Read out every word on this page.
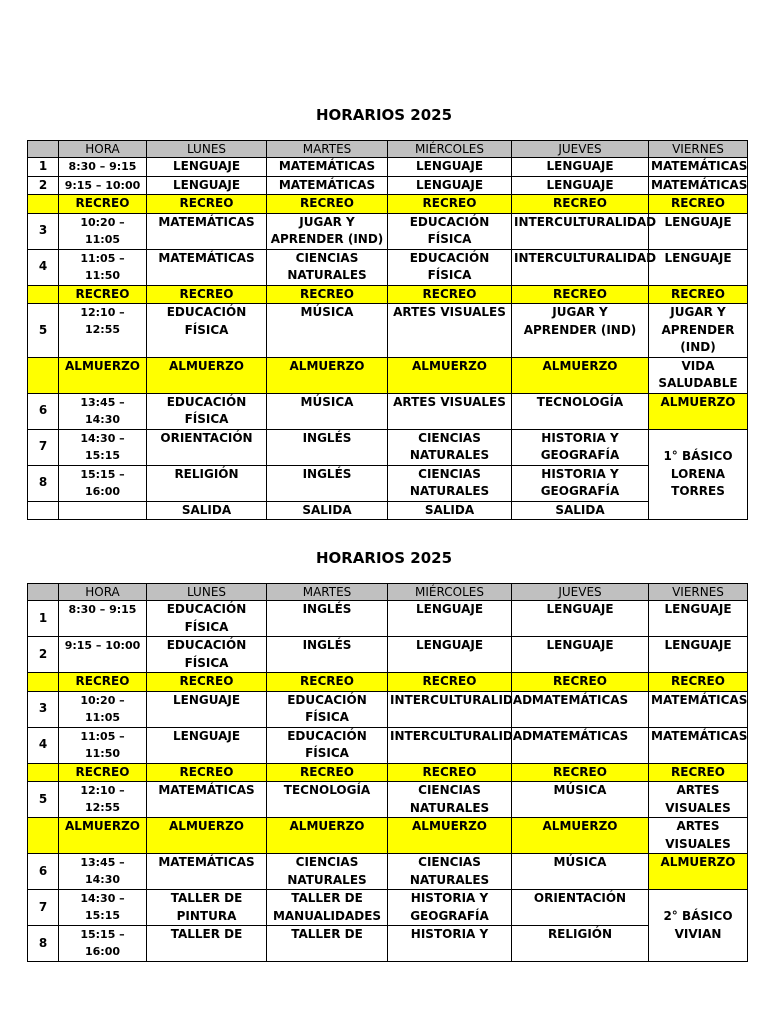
HORARIOS 2025
	HORA	LUNES	MARTES	MIÉRCOLES	JUEVES	VIERNES
1	8:30 – 9:15	LENGUAJE	MATEMÁTICAS	LENGUAJE	LENGUAJE	MATEMÁTICAS
2	9:15 – 10:00	LENGUAJE	MATEMÁTICAS	LENGUAJE	LENGUAJE	MATEMÁTICAS
	RECREO	RECREO	RECREO	RECREO	RECREO	RECREO
3	10:20 – 11:05	MATEMÁTICAS	JUGAR Y APRENDER (IND)	EDUCACIÓN FÍSICA	INTERCULTURALIDAD	LENGUAJE
4	11:05 – 11:50	MATEMÁTICAS	CIENCIAS NATURALES	EDUCACIÓN FÍSICA	INTERCULTURALIDAD	LENGUAJE
	RECREO	RECREO	RECREO	RECREO	RECREO	RECREO
5	12:10 – 12:55	EDUCACIÓN FÍSICA	MÚSICA	ARTES VISUALES	JUGAR Y APRENDER (IND)	JUGAR Y APRENDER (IND)
	ALMUERZO	ALMUERZO	ALMUERZO	ALMUERZO	ALMUERZO	VIDA SALUDABLE
6	13:45 – 14:30	EDUCACIÓN FÍSICA	MÚSICA	ARTES VISUALES	TECNOLOGÍA	ALMUERZO
7	14:30 – 15:15	ORIENTACIÓN	INGLÉS	CIENCIAS NATURALES	HISTORIA Y GEOGRAFÍA	1° BÁSICO LORENA TORRES
8	15:15 – 16:00	RELIGIÓN	INGLÉS	CIENCIAS NATURALES	HISTORIA Y GEOGRAFÍA	
		SALIDA	SALIDA	SALIDA	SALIDA	
HORARIOS 2025
	HORA	LUNES	MARTES	MIÉRCOLES	JUEVES	VIERNES
1	8:30 – 9:15	EDUCACIÓN FÍSICA	INGLÉS	LENGUAJE	LENGUAJE	LENGUAJE
2	9:15 – 10:00	EDUCACIÓN FÍSICA	INGLÉS	LENGUAJE	LENGUAJE	LENGUAJE
	RECREO	RECREO	RECREO	RECREO	RECREO	RECREO
3	10:20 – 11:05	LENGUAJE	EDUCACIÓN FÍSICA	INTERCULTURALIDAD	MATEMÁTICAS	MATEMÁTICAS
4	11:05 – 11:50	LENGUAJE	EDUCACIÓN FÍSICA	INTERCULTURALIDAD	MATEMÁTICAS	MATEMÁTICAS
	RECREO	RECREO	RECREO	RECREO	RECREO	RECREO
5	12:10 – 12:55	MATEMÁTICAS	TECNOLOGÍA	CIENCIAS NATURALES	MÚSICA	ARTES VISUALES
	ALMUERZO	ALMUERZO	ALMUERZO	ALMUERZO	ALMUERZO	ARTES VISUALES
6	13:45 – 14:30	MATEMÁTICAS	CIENCIAS NATURALES	CIENCIAS NATURALES	MÚSICA	ALMUERZO
7	14:30 – 15:15	TALLER DE PINTURA	TALLER DE MANUALIDADES	HISTORIA Y GEOGRAFÍA	ORIENTACIÓN	2° BÁSICO VIVIAN
8	15:15 – 16:00	TALLER DE	TALLER DE	HISTORIA Y	RELIGIÓN	
